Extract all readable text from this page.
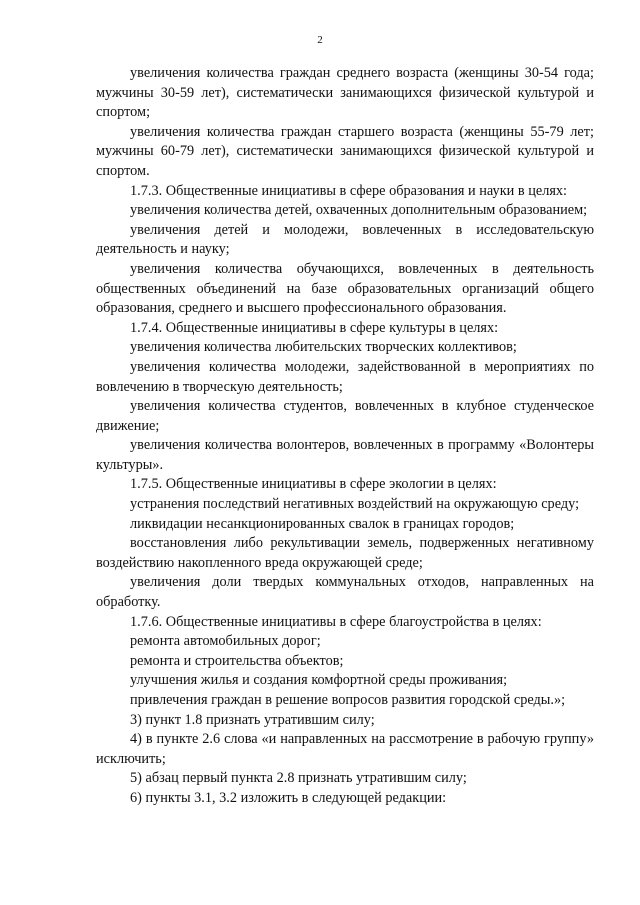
2

увеличения количества граждан среднего возраста (женщины 30-54 года; мужчины 30-59 лет), систематически занимающихся физической культурой и спортом;

увеличения количества граждан старшего возраста (женщины 55-79 лет; мужчины 60-79 лет), систематически занимающихся физической культурой и спортом.

1.7.3. Общественные инициативы в сфере образования и науки в целях:

увеличения количества детей, охваченных дополнительным образованием;

увеличения детей и молодежи, вовлеченных в исследовательскую деятельность и науку;

увеличения количества обучающихся, вовлеченных в деятельность общественных объединений на базе образовательных организаций общего образования, среднего и высшего профессионального образования.

1.7.4. Общественные инициативы в сфере культуры в целях:

увеличения количества любительских творческих коллективов;

увеличения количества молодежи, задействованной в мероприятиях по вовлечению в творческую деятельность;

увеличения количества студентов, вовлеченных в клубное студенческое движение;

увеличения количества волонтеров, вовлеченных в программу «Волонтеры культуры».

1.7.5. Общественные инициативы в сфере экологии в целях:

устранения последствий негативных воздействий на окружающую среду;

ликвидации несанкционированных свалок в границах городов;

восстановления либо рекультивации земель, подверженных негативному воздействию накопленного вреда окружающей среде;

увеличения доли твердых коммунальных отходов, направленных на обработку.

1.7.6. Общественные инициативы в сфере благоустройства в целях:

ремонта автомобильных дорог;

ремонта и строительства объектов;

улучшения жилья и создания комфортной среды проживания;

привлечения граждан в решение вопросов развития городской среды.»;

3) пункт 1.8 признать утратившим силу;

4) в пункте 2.6 слова «и направленных на рассмотрение в рабочую группу» исключить;

5) абзац первый пункта 2.8 признать утратившим силу;

6) пункты 3.1, 3.2 изложить в следующей редакции:
